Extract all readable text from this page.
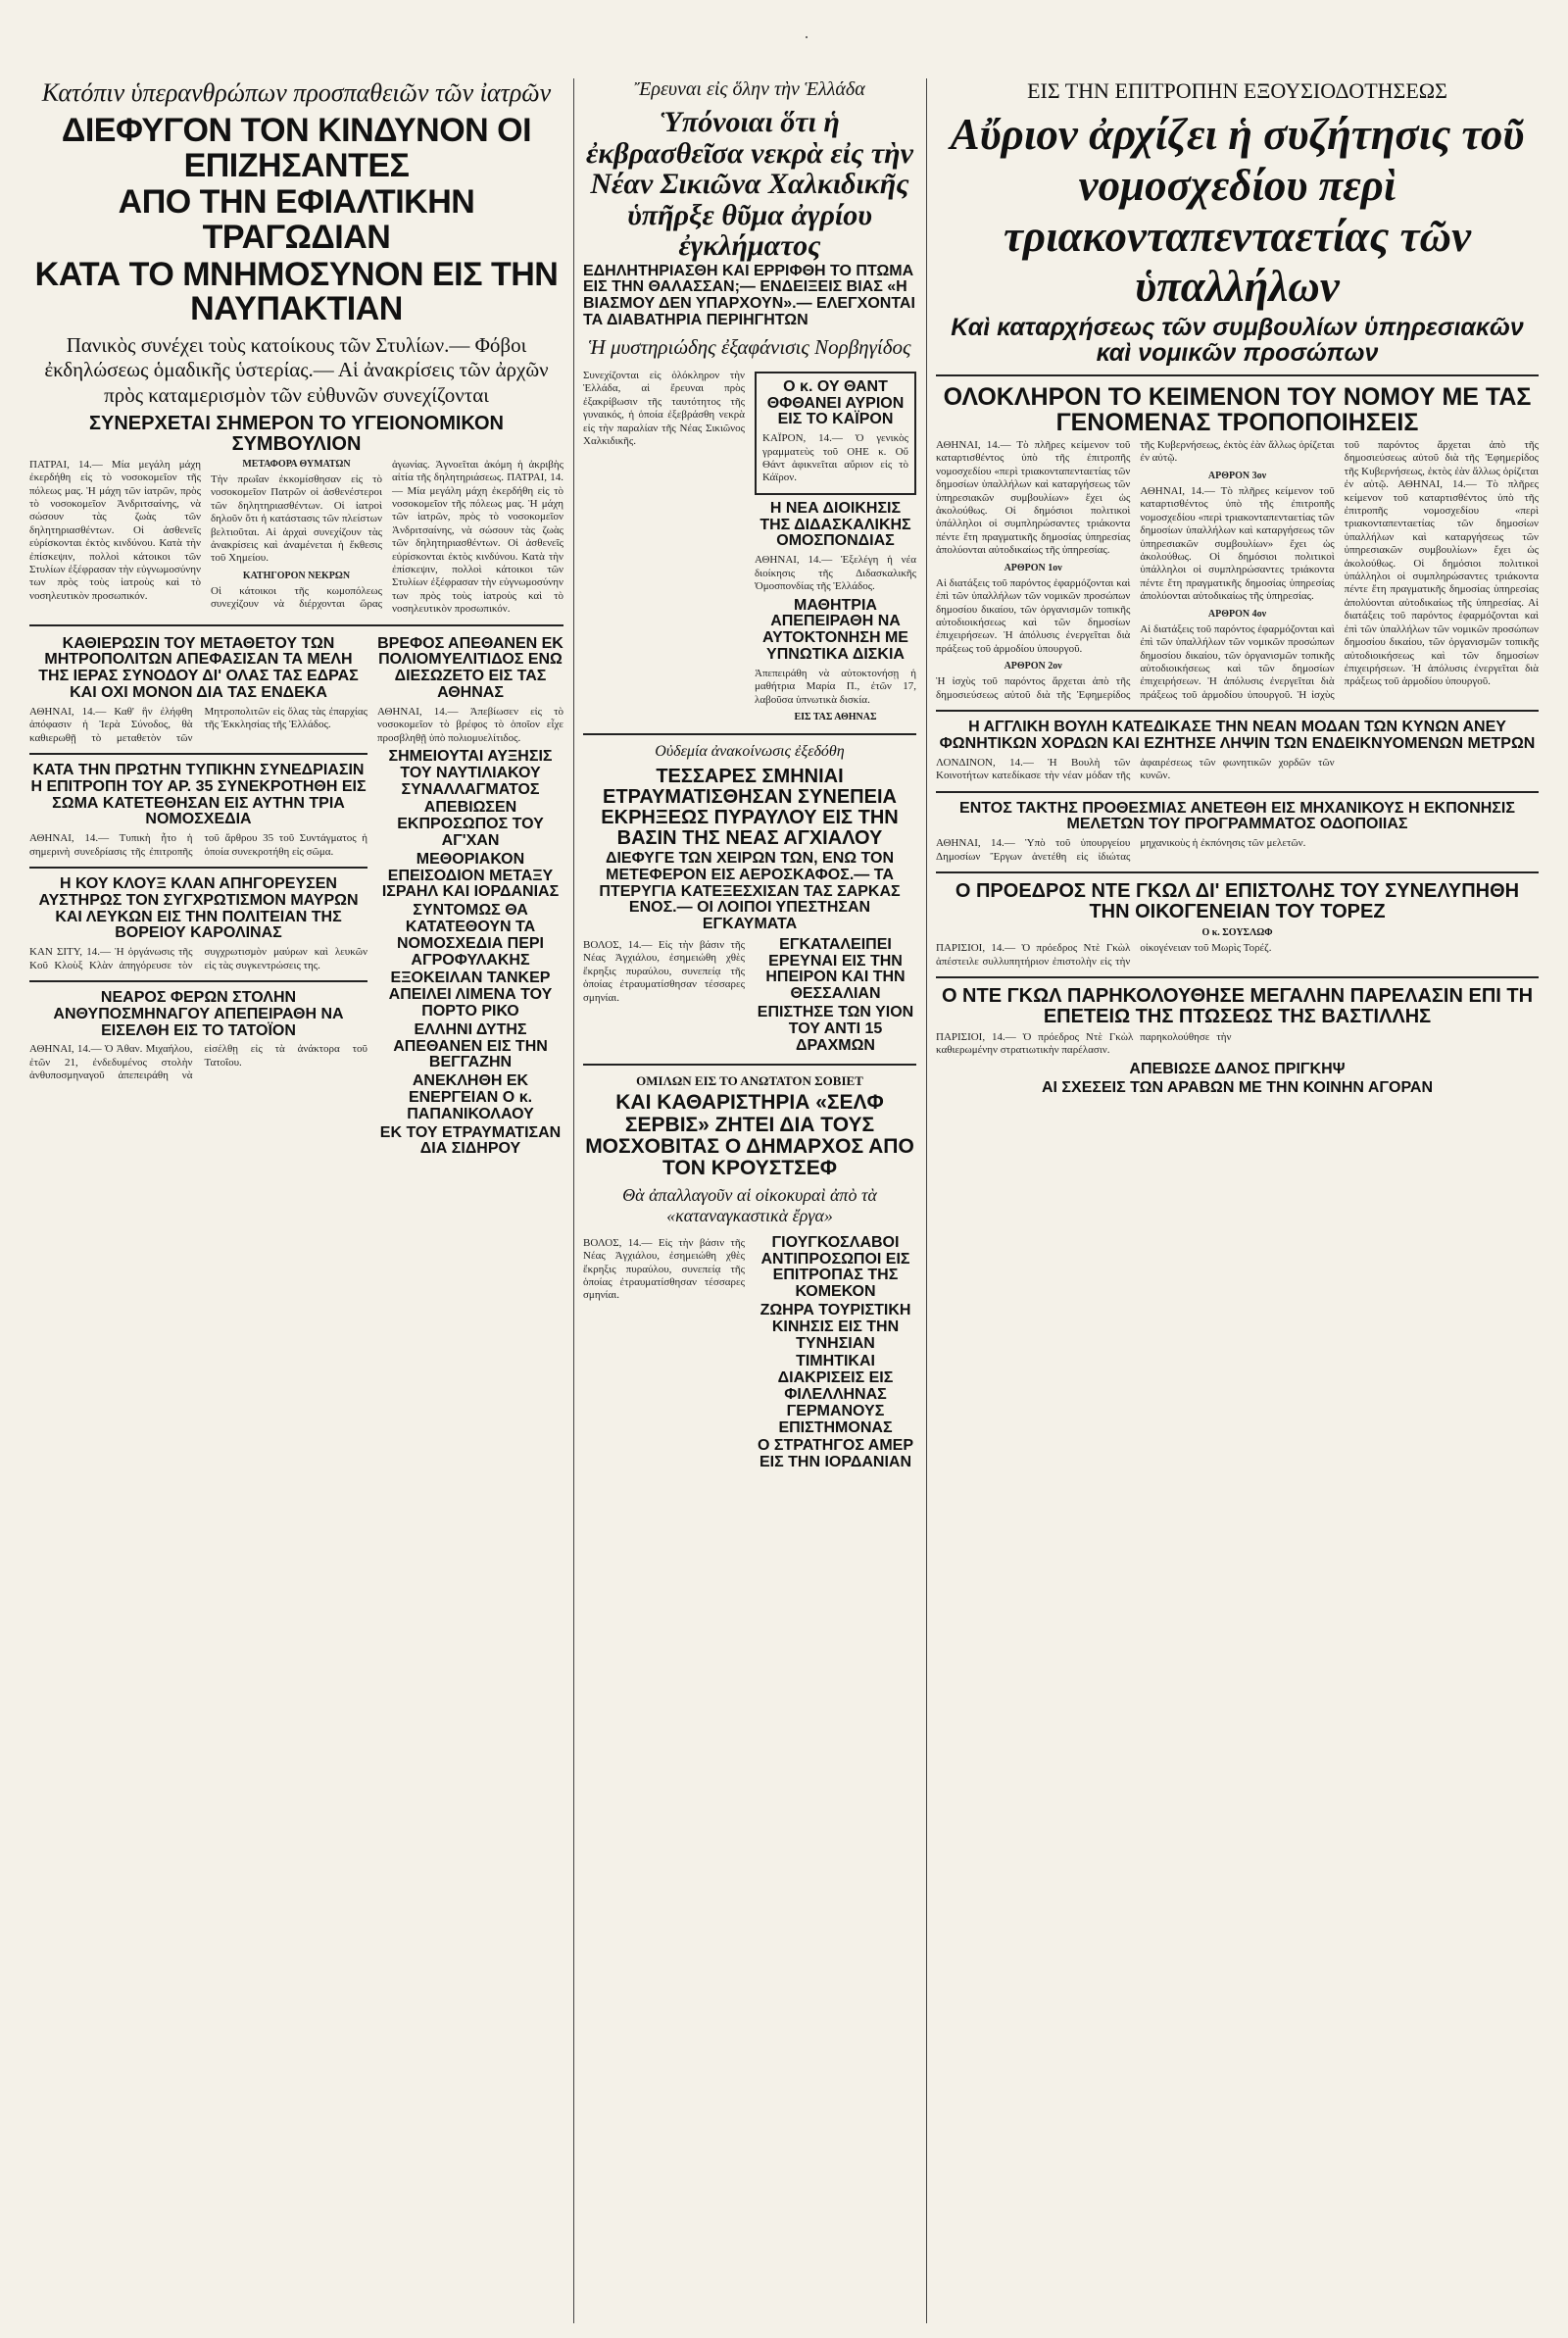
·
Κατόπιν ὑπερανθρώπων προσπαθειῶν τῶν ἰατρῶν
ΔΙΕΦΥΓΟΝ ΤΟΝ ΚΙΝΔΥΝΟΝ ΟΙ ΕΠΙΖΗΣΑΝΤΕΣ
ΑΠΟ ΤΗΝ ΕΦΙΑΛΤΙΚΗΝ ΤΡΑΓΩΔΙΑΝ
ΚΑΤΑ ΤΟ ΜΝΗΜΟΣΥΝΟΝ ΕΙΣ ΤΗΝ ΝΑΥΠΑΚΤΙΑΝ
Πανικὸς συνέχει τοὺς κατοίκους τῶν Στυλίων.— Φόβοι ἐκδηλώσεως ὁμαδικῆς ὑστερίας.— Αἱ ἀνακρίσεις τῶν ἀρχῶν πρὸς καταμερισμὸν τῶν εὐθυνῶν συνεχίζονται
ΣΥΝΕΡΧΕΤΑΙ ΣΗΜΕΡΟΝ ΤΟ ΥΓΕΙΟΝΟΜΙΚΟΝ ΣΥΜΒΟΥΛΙΟΝ
ΠΑΤΡΑΙ, 14.— Μία μεγάλη μάχη ἐκερδήθη εἰς τὸ νοσοκομεῖον τῆς πόλεως μας. Ἡ μάχη τῶν ἰατρῶν, πρὸς τὸ νοσοκομεῖον Ἀνδριτσαίνης, νὰ σώσουν τὰς ζωὰς τῶν δηλητηριασθέντων. Οἱ ἀσθενεῖς εὑρίσκονται ἐκτὸς κινδύνου. Κατὰ τὴν ἐπίσκεψιν, πολλοὶ κάτοικοι τῶν Στυλίων ἐξέφρασαν τὴν εὐγνωμοσύνην των πρὸς τοὺς ἰατροὺς καὶ τὸ νοσηλευτικὸν προσωπικόν.
ΜΕΤΑΦΟΡΑ ΘΥΜΑΤΩΝ
Τὴν πρωΐαν ἐκκομίσθησαν εἰς τὸ νοσοκομεῖον Πατρῶν οἱ ἀσθενέστεροι τῶν δηλητηριασθέντων. Οἱ ἰατροὶ δηλοῦν ὅτι ἡ κατάστασις τῶν πλείστων βελτιοῦται. Αἱ ἀρχαὶ συνεχίζουν τὰς ἀνακρίσεις καὶ ἀναμένεται ἡ ἔκθεσις τοῦ Χημείου.
ΚΑΤΗΓΟΡΟΝ ΝΕΚΡΩΝ
Οἱ κάτοικοι τῆς κωμοπόλεως συνεχίζουν νὰ διέρχονται ὥρας ἀγωνίας. Ἀγνοεῖται ἀκόμη ἡ ἀκριβὴς αἰτία τῆς δηλητηριάσεως. ΠΑΤΡΑΙ, 14.— Μία μεγάλη μάχη ἐκερδήθη εἰς τὸ νοσοκομεῖον τῆς πόλεως μας. Ἡ μάχη τῶν ἰατρῶν, πρὸς τὸ νοσοκομεῖον Ἀνδριτσαίνης, νὰ σώσουν τὰς ζωὰς τῶν δηλητηριασθέντων. Οἱ ἀσθενεῖς εὑρίσκονται ἐκτὸς κινδύνου. Κατὰ τὴν ἐπίσκεψιν, πολλοὶ κάτοικοι τῶν Στυλίων ἐξέφρασαν τὴν εὐγνωμοσύνην των πρὸς τοὺς ἰατροὺς καὶ τὸ νοσηλευτικὸν προσωπικόν.
ΚΑΘΙΕΡΩΣΙΝ ΤΟΥ ΜΕΤΑΘΕΤΟΥ ΤΩΝ ΜΗΤΡΟΠΟΛΙΤΩΝ ΑΠΕΦΑΣΙΣΑΝ ΤΑ ΜΕΛΗ ΤΗΣ ΙΕΡΑΣ ΣΥΝΟΔΟΥ ΔΙ' ΟΛΑΣ ΤΑΣ ΕΔΡΑΣ ΚΑΙ ΟΧΙ ΜΟΝΟΝ ΔΙΑ ΤΑΣ ΕΝΔΕΚΑ
ΑΘΗΝΑΙ, 14.— Καθ' ἣν ἐλήφθη ἀπόφασιν ἡ Ἱερὰ Σύνοδος, θὰ καθιερωθῇ τὸ μεταθετὸν τῶν Μητροπολιτῶν εἰς ὅλας τὰς ἐπαρχίας τῆς Ἐκκλησίας τῆς Ἑλλάδος.
ΚΑΤΑ ΤΗΝ ΠΡΩΤΗΝ ΤΥΠΙΚΗΝ ΣΥΝΕΔΡΙΑΣΙΝ Η ΕΠΙΤΡΟΠΗ ΤΟΥ ΑΡ. 35 ΣΥΝΕΚΡΟΤΗΘΗ ΕΙΣ ΣΩΜΑ ΚΑΤΕΤΕΘΗΣΑΝ ΕΙΣ ΑΥΤΗΝ ΤΡΙΑ ΝΟΜΟΣΧΕΔΙΑ
ΑΘΗΝΑΙ, 14.— Τυπικὴ ἦτο ἡ σημερινὴ συνεδρίασις τῆς ἐπιτροπῆς τοῦ ἄρθρου 35 τοῦ Συντάγματος ἡ ὁποία συνεκροτήθη εἰς σῶμα.
Η ΚΟΥ ΚΛΟΥΞ ΚΛΑΝ ΑΠΗΓΟΡΕΥΣΕΝ ΑΥΣΤΗΡΩΣ ΤΟΝ ΣΥΓΧΡΩΤΙΣΜΟΝ ΜΑΥΡΩΝ ΚΑΙ ΛΕΥΚΩΝ ΕΙΣ ΤΗΝ ΠΟΛΙΤΕΙΑΝ ΤΗΣ ΒΟΡΕΙΟΥ ΚΑΡΟΛΙΝΑΣ
ΚΑΝ ΣΙΤΥ, 14.— Ἡ ὀργάνωσις τῆς Κοῦ Κλοὺξ Κλὰν ἀπηγόρευσε τὸν συγχρωτισμὸν μαύρων καὶ λευκῶν εἰς τὰς συγκεντρώσεις της.
ΝΕΑΡΟΣ ΦΕΡΩΝ ΣΤΟΛΗΝ ΑΝΘΥΠΟΣΜΗΝΑΓΟΥ ΑΠΕΠΕΙΡΑΘΗ ΝΑ ΕΙΣΕΛΘΗ ΕΙΣ ΤΟ ΤΑΤΟΪΟΝ
ΑΘΗΝΑΙ, 14.— Ὁ Ἀθαν. Μιχαήλου, ἐτῶν 21, ἐνδεδυμένος στολὴν ἀνθυποσμηναγοῦ ἀπεπειράθη νὰ εἰσέλθῃ εἰς τὰ ἀνάκτορα τοῦ Τατοΐου.
ΒΡΕΦΟΣ ΑΠΕΘΑΝΕΝ ΕΚ ΠΟΛΙΟΜΥΕΛΙΤΙΔΟΣ ΕΝΩ ΔΙΕΣΩΖΕΤΟ ΕΙΣ ΤΑΣ ΑΘΗΝΑΣ
ΑΘΗΝΑΙ, 14.— Ἀπεβίωσεν εἰς τὸ νοσοκομεῖον τὸ βρέφος τὸ ὁποῖον εἶχε προσβληθῇ ὑπὸ πολιομυελίτιδος.
ΣΗΜΕΙΟΥΤΑΙ ΑΥΞΗΣΙΣ ΤΟΥ ΝΑΥΤΙΛΙΑΚΟΥ ΣΥΝΑΛΛΑΓΜΑΤΟΣ
ΑΠΕΒΙΩΣΕΝ ΕΚΠΡΟΣΩΠΟΣ ΤΟΥ ΑΓ'ΧΑΝ
ΜΕΘΟΡΙΑΚΟΝ ΕΠΕΙΣΟΔΙΟΝ ΜΕΤΑΞΥ ΙΣΡΑΗΛ ΚΑΙ ΙΟΡΔΑΝΙΑΣ
ΣΥΝΤΟΜΩΣ ΘΑ ΚΑΤΑΤΕΘΟΥΝ ΤΑ ΝΟΜΟΣΧΕΔΙΑ ΠΕΡΙ ΑΓΡΟΦΥΛΑΚΗΣ
ΕΞΟΚΕΙΛΑΝ ΤΑΝΚΕΡ ΑΠΕΙΛΕΙ ΛΙΜΕΝΑ ΤΟΥ ΠΟΡΤΟ ΡΙΚΟ
ΕΛΛΗΝΙ ΔΥΤΗΣ ΑΠΕΘΑΝΕΝ ΕΙΣ ΤΗΝ ΒΕΓΓΑΖΗΝ
ΑΝΕΚΛΗΘΗ ΕΚ ΕΝΕΡΓΕΙΑΝ Ο κ. ΠΑΠΑΝΙΚΟΛΑΟΥ
ΕΚ ΤΟΥ ΕΤΡΑΥΜΑΤΙΣΑΝ ΔΙΑ ΣΙΔΗΡΟΥ
Ἔρευναι εἰς ὅλην τὴν Ἑλλάδα
Ὑπόνοιαι ὅτι ἡ ἐκβρασθεῖσα νεκρὰ εἰς τὴν Νέαν Σικιῶνα Χαλκιδικῆς ὑπῆρξε θῦμα ἀγρίου ἐγκλήματος
ΕΔΗΛΗΤΗΡΙΑΣΘΗ ΚΑΙ ΕΡΡΙΦΘΗ ΤΟ ΠΤΩΜΑ ΕΙΣ ΤΗΝ ΘΑΛΑΣΣΑΝ;— ΕΝΔΕΙΞΕΙΣ ΒΙΑΣ «Η ΒΙΑΣΜΟΥ ΔΕΝ ΥΠΑΡΧΟΥΝ».— ΕΛΕΓΧΟΝΤΑΙ ΤΑ ΔΙΑΒΑΤΗΡΙΑ ΠΕΡΙΗΓΗΤΩΝ
Ἡ μυστηριώδης ἐξαφάνισις Νορβηγίδος
Συνεχίζονται εἰς ὁλόκληρον τὴν Ἑλλάδα, αἱ ἔρευναι πρὸς ἐξακρίβωσιν τῆς ταυτότητος τῆς γυναικός, ἡ ὁποία ἐξεβράσθη νεκρὰ εἰς τὴν παραλίαν τῆς Νέας Σικιῶνος Χαλκιδικῆς.
Ο κ. ΟΥ ΘΑΝΤ ΘΦΘΑΝΕΙ ΑΥΡΙΟΝ ΕΙΣ ΤΟ ΚΑΪΡΟΝ
ΚΑΪΡΟΝ, 14.— Ὁ γενικὸς γραμματεὺς τοῦ ΟΗΕ κ. Οὔ Θάντ ἀφικνεῖται αὔριον εἰς τὸ Κάϊρον.
Η ΝΕΑ ΔΙΟΙΚΗΣΙΣ ΤΗΣ ΔΙΔΑΣΚΑΛΙΚΗΣ ΟΜΟΣΠΟΝΔΙΑΣ
ΑΘΗΝΑΙ, 14.— Ἐξελέγη ἡ νέα διοίκησις τῆς Διδασκαλικῆς Ὁμοσπονδίας τῆς Ἑλλάδος.
ΜΑΘΗΤΡΙΑ ΑΠΕΠΕΙΡΑΘΗ ΝΑ ΑΥΤΟΚΤΟΝΗΣΗ ΜΕ ΥΠΝΩΤΙΚΑ ΔΙΣΚΙΑ
Ἀπεπειράθη νὰ αὐτοκτονήσῃ ἡ μαθήτρια Μαρία Π., ἐτῶν 17, λαβοῦσα ὑπνωτικὰ δισκία.
ΕΙΣ ΤΑΣ ΑΘΗΝΑΣ
Οὐδεμία ἀνακοίνωσις ἐξεδόθη
ΤΕΣΣΑΡΕΣ ΣΜΗΝΙΑΙ ΕΤΡΑΥΜΑΤΙΣΘΗΣΑΝ ΣΥΝΕΠΕΙΑ ΕΚΡΗΞΕΩΣ ΠΥΡΑΥΛΟΥ ΕΙΣ ΤΗΝ ΒΑΣΙΝ ΤΗΣ ΝΕΑΣ ΑΓΧΙΑΛΟΥ
ΔΙΕΦΥΓΕ ΤΩΝ ΧΕΙΡΩΝ ΤΩΝ, ΕΝΩ ΤΟΝ ΜΕΤΕΦΕΡΟΝ ΕΙΣ ΑΕΡΟΣΚΑΦΟΣ.— ΤΑ ΠΤΕΡΥΓΙΑ ΚΑΤΕΞΕΣΧΙΣΑΝ ΤΑΣ ΣΑΡΚΑΣ ΕΝΟΣ.— ΟΙ ΛΟΙΠΟΙ ΥΠΕΣΤΗΣΑΝ ΕΓΚΑΥΜΑΤΑ
ΒΟΛΟΣ, 14.— Εἰς τὴν βάσιν τῆς Νέας Ἀγχιάλου, ἐσημειώθη χθὲς ἔκρηξις πυραύλου, συνεπείᾳ τῆς ὁποίας ἐτραυματίσθησαν τέσσαρες σμηνίαι.
ΕΓΚΑΤΑΛΕΙΠΕΙ ΕΡΕΥΝΑΙ ΕΙΣ ΤΗΝ ΗΠΕΙΡΟΝ ΚΑΙ ΤΗΝ ΘΕΣΣΑΛΙΑΝ
ΕΠΙΣΤΗΣΕ ΤΩΝ ΥΙΟΝ ΤΟΥ ΑΝΤΙ 15 ΔΡΑΧΜΩΝ
ΟΜΙΛΩΝ ΕΙΣ ΤΟ ΑΝΩΤΑΤΟΝ ΣΟΒΙΕΤ
ΚΑΙ ΚΑΘΑΡΙΣΤΗΡΙΑ «ΣΕΛΦ ΣΕΡΒΙΣ» ΖΗΤΕΙ ΔΙΑ ΤΟΥΣ ΜΟΣΧΟΒΙΤΑΣ Ο ΔΗΜΑΡΧΟΣ ΑΠΟ ΤΟΝ ΚΡΟΥΣΤΣΕΦ
Θὰ ἀπαλλαγοῦν αἱ οἰκοκυραὶ ἀπὸ τὰ «καταναγκαστικὰ ἔργα»
ΒΟΛΟΣ, 14.— Εἰς τὴν βάσιν τῆς Νέας Ἀγχιάλου, ἐσημειώθη χθὲς ἔκρηξις πυραύλου, συνεπείᾳ τῆς ὁποίας ἐτραυματίσθησαν τέσσαρες σμηνίαι.
ΓΙΟΥΓΚΟΣΛΑΒΟΙ ΑΝΤΙΠΡΟΣΩΠΟΙ ΕΙΣ ΕΠΙΤΡΟΠΑΣ ΤΗΣ ΚΟΜΕΚΟΝ
ΖΩΗΡΑ ΤΟΥΡΙΣΤΙΚΗ ΚΙΝΗΣΙΣ ΕΙΣ ΤΗΝ ΤΥΝΗΣΙΑΝ
ΤΙΜΗΤΙΚΑΙ ΔΙΑΚΡΙΣΕΙΣ ΕΙΣ ΦΙΛΕΛΛΗΝΑΣ ΓΕΡΜΑΝΟΥΣ ΕΠΙΣΤΗΜΟΝΑΣ
Ο ΣΤΡΑΤΗΓΟΣ ΑΜΕΡ ΕΙΣ ΤΗΝ ΙΟΡΔΑΝΙΑΝ
ΕΙΣ ΤΗΝ ΕΠΙΤΡΟΠΗΝ ΕΞΟΥΣΙΟΔΟΤΗΣΕΩΣ
Αὔριον ἀρχίζει ἡ συζήτησις τοῦ νομοσχεδίου περὶ τριακονταπενταετίας τῶν ὑπαλλήλων
Καὶ καταρχήσεως τῶν συμβουλίων ὑπηρεσιακῶν καὶ νομικῶν προσώπων
ΟΛΟΚΛΗΡΟΝ ΤΟ ΚΕΙΜΕΝΟΝ ΤΟΥ ΝΟΜΟΥ ΜΕ ΤΑΣ ΓΕΝΟΜΕΝΑΣ ΤΡΟΠΟΠΟΙΗΣΕΙΣ
ΑΘΗΝΑΙ, 14.— Τὸ πλῆρες κείμενον τοῦ καταρτισθέντος ὑπὸ τῆς ἐπιτροπῆς νομοσχεδίου «περὶ τριακονταπενταετίας τῶν δημοσίων ὑπαλλήλων καὶ καταργήσεως τῶν ὑπηρεσιακῶν συμβουλίων» ἔχει ὡς ἀκολούθως. Οἱ δημόσιοι πολιτικοὶ ὑπάλληλοι οἱ συμπληρώσαντες τριάκοντα πέντε ἔτη πραγματικῆς δημοσίας ὑπηρεσίας ἀπολύονται αὐτοδικαίως τῆς ὑπηρεσίας.
ΑΡΘΡΟΝ 1ον
Αἱ διατάξεις τοῦ παρόντος ἐφαρμόζονται καὶ ἐπὶ τῶν ὑπαλλήλων τῶν νομικῶν προσώπων δημοσίου δικαίου, τῶν ὀργανισμῶν τοπικῆς αὐτοδιοικήσεως καὶ τῶν δημοσίων ἐπιχειρήσεων. Ἡ ἀπόλυσις ἐνεργεῖται διὰ πράξεως τοῦ ἁρμοδίου ὑπουργοῦ.
ΑΡΘΡΟΝ 2ον
Ἡ ἰσχὺς τοῦ παρόντος ἄρχεται ἀπὸ τῆς δημοσιεύσεως αὐτοῦ διὰ τῆς Ἐφημερίδος τῆς Κυβερνήσεως, ἐκτὸς ἐὰν ἄλλως ὁρίζεται ἐν αὐτῷ.
ΑΡΘΡΟΝ 3ον
ΑΘΗΝΑΙ, 14.— Τὸ πλῆρες κείμενον τοῦ καταρτισθέντος ὑπὸ τῆς ἐπιτροπῆς νομοσχεδίου «περὶ τριακονταπενταετίας τῶν δημοσίων ὑπαλλήλων καὶ καταργήσεως τῶν ὑπηρεσιακῶν συμβουλίων» ἔχει ὡς ἀκολούθως. Οἱ δημόσιοι πολιτικοὶ ὑπάλληλοι οἱ συμπληρώσαντες τριάκοντα πέντε ἔτη πραγματικῆς δημοσίας ὑπηρεσίας ἀπολύονται αὐτοδικαίως τῆς ὑπηρεσίας.
ΑΡΘΡΟΝ 4ον
Αἱ διατάξεις τοῦ παρόντος ἐφαρμόζονται καὶ ἐπὶ τῶν ὑπαλλήλων τῶν νομικῶν προσώπων δημοσίου δικαίου, τῶν ὀργανισμῶν τοπικῆς αὐτοδιοικήσεως καὶ τῶν δημοσίων ἐπιχειρήσεων. Ἡ ἀπόλυσις ἐνεργεῖται διὰ πράξεως τοῦ ἁρμοδίου ὑπουργοῦ. Ἡ ἰσχὺς τοῦ παρόντος ἄρχεται ἀπὸ τῆς δημοσιεύσεως αὐτοῦ διὰ τῆς Ἐφημερίδος τῆς Κυβερνήσεως, ἐκτὸς ἐὰν ἄλλως ὁρίζεται ἐν αὐτῷ. ΑΘΗΝΑΙ, 14.— Τὸ πλῆρες κείμενον τοῦ καταρτισθέντος ὑπὸ τῆς ἐπιτροπῆς νομοσχεδίου «περὶ τριακονταπενταετίας τῶν δημοσίων ὑπαλλήλων καὶ καταργήσεως τῶν ὑπηρεσιακῶν συμβουλίων» ἔχει ὡς ἀκολούθως. Οἱ δημόσιοι πολιτικοὶ ὑπάλληλοι οἱ συμπληρώσαντες τριάκοντα πέντε ἔτη πραγματικῆς δημοσίας ὑπηρεσίας ἀπολύονται αὐτοδικαίως τῆς ὑπηρεσίας. Αἱ διατάξεις τοῦ παρόντος ἐφαρμόζονται καὶ ἐπὶ τῶν ὑπαλλήλων τῶν νομικῶν προσώπων δημοσίου δικαίου, τῶν ὀργανισμῶν τοπικῆς αὐτοδιοικήσεως καὶ τῶν δημοσίων ἐπιχειρήσεων. Ἡ ἀπόλυσις ἐνεργεῖται διὰ πράξεως τοῦ ἁρμοδίου ὑπουργοῦ.
Η ΑΓΓΛΙΚΗ ΒΟΥΛΗ ΚΑΤΕΔΙΚΑΣΕ ΤΗΝ ΝΕΑΝ ΜΟΔΑΝ ΤΩΝ ΚΥΝΩΝ ΑΝΕΥ ΦΩΝΗΤΙΚΩΝ ΧΟΡΔΩΝ ΚΑΙ ΕΖΗΤΗΣΕ ΛΗΨΙΝ ΤΩΝ ΕΝΔΕΙΚΝΥΟΜΕΝΩΝ ΜΕΤΡΩΝ
ΛΟΝΔΙΝΟΝ, 14.— Ἡ Βουλὴ τῶν Κοινοτήτων κατεδίκασε τὴν νέαν μόδαν τῆς ἀφαιρέσεως τῶν φωνητικῶν χορδῶν τῶν κυνῶν.
ΕΝΤΟΣ ΤΑΚΤΗΣ ΠΡΟΘΕΣΜΙΑΣ ΑΝΕΤΕΘΗ ΕΙΣ ΜΗΧΑΝΙΚΟΥΣ Η ΕΚΠΟΝΗΣΙΣ ΜΕΛΕΤΩΝ ΤΟΥ ΠΡΟΓΡΑΜΜΑΤΟΣ ΟΔΟΠΟΙΙΑΣ
ΑΘΗΝΑΙ, 14.— Ὑπὸ τοῦ ὑπουργείου Δημοσίων Ἔργων ἀνετέθη εἰς ἰδιώτας μηχανικοὺς ἡ ἐκπόνησις τῶν μελετῶν.
Ο ΠΡΟΕΔΡΟΣ ΝΤΕ ΓΚΩΛ ΔΙ' ΕΠΙΣΤΟΛΗΣ ΤΟΥ ΣΥΝΕΛΥΠΗΘΗ ΤΗΝ ΟΙΚΟΓΕΝΕΙΑΝ ΤΟΥ ΤΟΡΕΖ
Ο κ. ΣΟΥΣΛΩΦ
ΠΑΡΙΣΙΟΙ, 14.— Ὁ πρόεδρος Ντὲ Γκὼλ ἀπέστειλε συλλυπητήριον ἐπιστολὴν εἰς τὴν οἰκογένειαν τοῦ Μωρὶς Τορέζ.
Ο ΝΤΕ ΓΚΩΛ ΠΑΡΗΚΟΛΟΥΘΗΣΕ ΜΕΓΑΛΗΝ ΠΑΡΕΛΑΣΙΝ ΕΠΙ ΤΗ ΕΠΕΤΕΙΩ ΤΗΣ ΠΤΩΣΕΩΣ ΤΗΣ ΒΑΣΤΙΛΛΗΣ
ΠΑΡΙΣΙΟΙ, 14.— Ὁ πρόεδρος Ντὲ Γκὼλ παρηκολούθησε τὴν καθιερωμένην στρατιωτικὴν παρέλασιν.
ΑΠΕΒΙΩΣΕ ΔΑΝΟΣ ΠΡΙΓΚΗΨ
ΑΙ ΣΧΕΣΕΙΣ ΤΩΝ ΑΡΑΒΩΝ ΜΕ ΤΗΝ ΚΟΙΝΗΝ ΑΓΟΡΑΝ
